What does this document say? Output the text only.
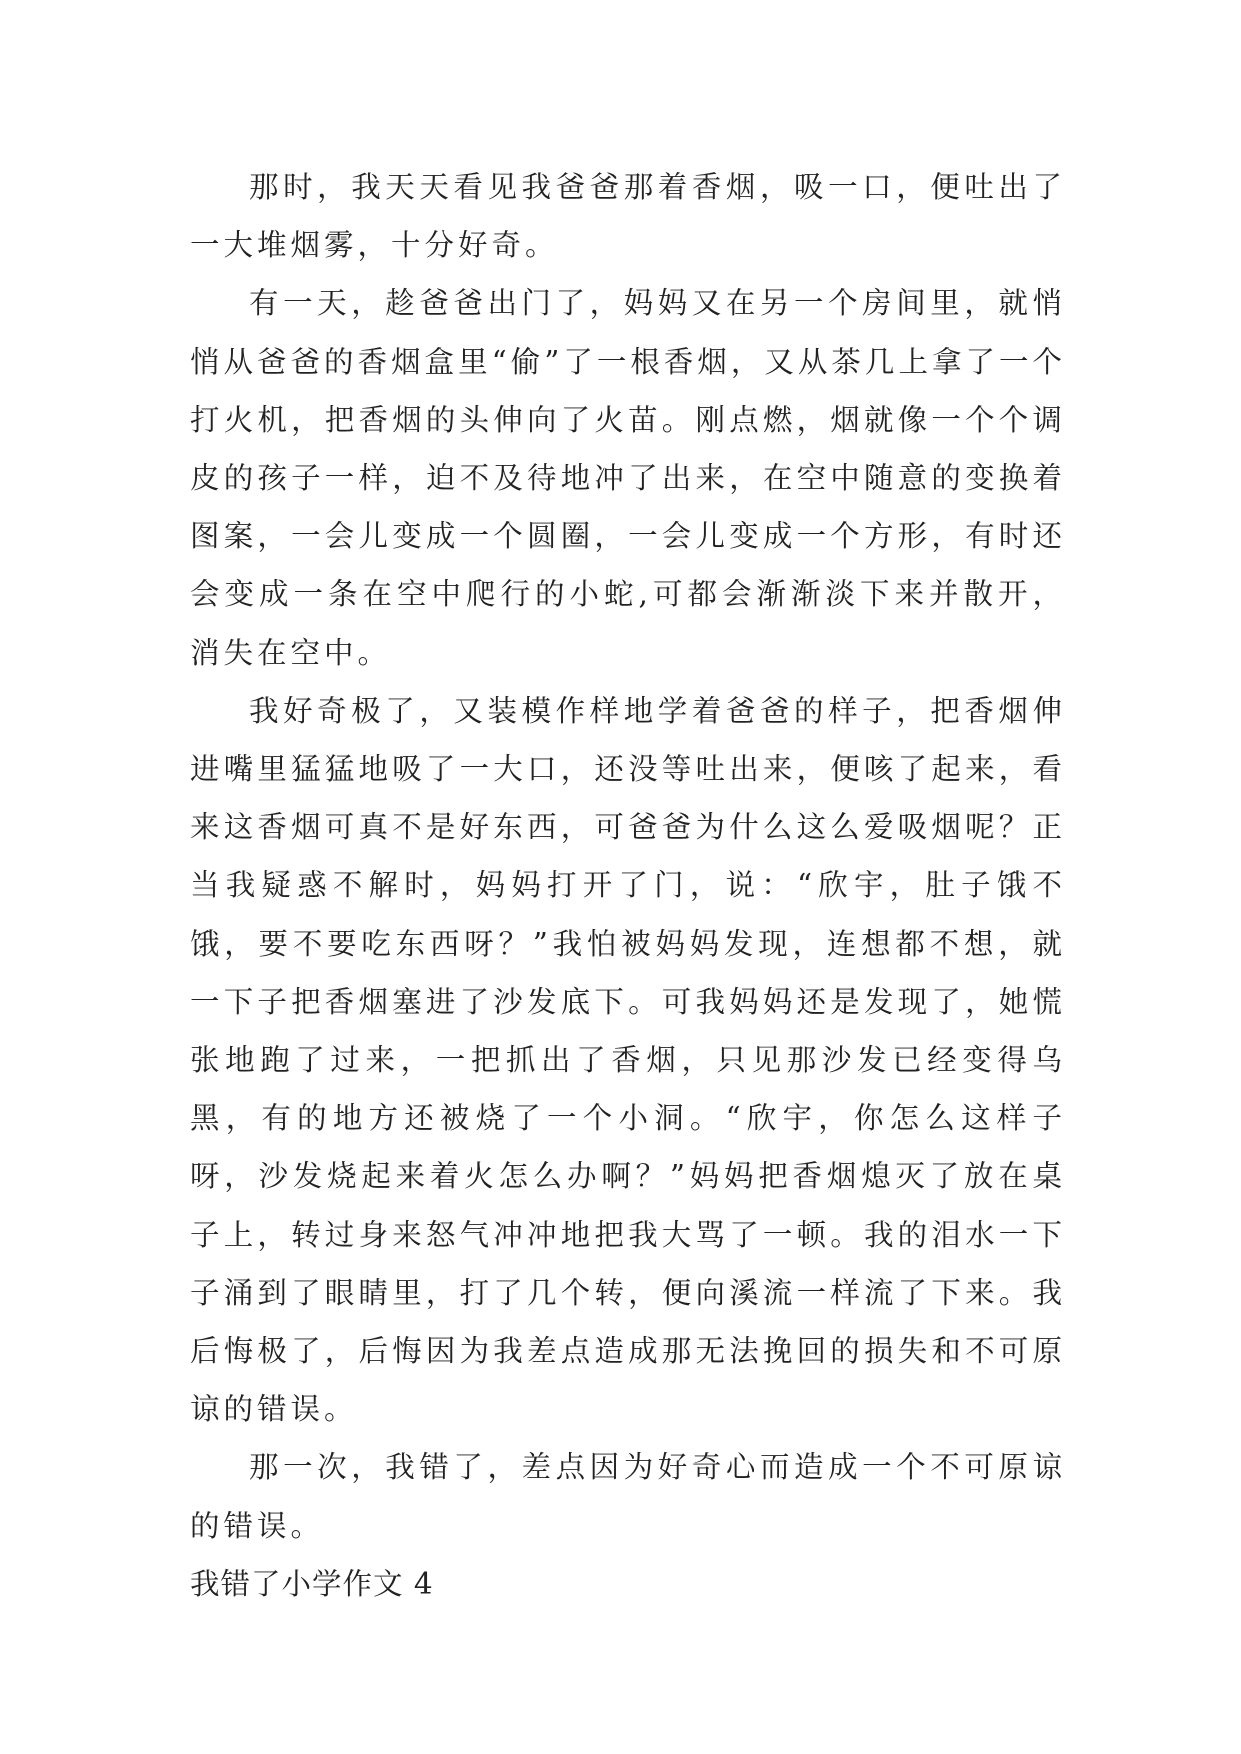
那时，我天天看见我爸爸那着香烟，吸一口，便吐出了一大堆烟雾，十分好奇。

有一天，趁爸爸出门了，妈妈又在另一个房间里，就悄悄从爸爸的香烟盒里“偷”了一根香烟，又从茶几上拿了一个打火机，把香烟的头伸向了火苗。刚点燃，烟就像一个个调皮的孩子一样，迫不及待地冲了出来，在空中随意的变换着图案，一会儿变成一个圆圈，一会儿变成一个方形，有时还会变成一条在空中爬行的小蛇,可都会渐渐淡下来并散开，消失在空中。

我好奇极了，又装模作样地学着爸爸的样子，把香烟伸进嘴里猛猛地吸了一大口，还没等吐出来，便咳了起来，看来这香烟可真不是好东西，可爸爸为什么这么爱吸烟呢？正当我疑惑不解时，妈妈打开了门，说：“欣宇，肚子饿不饿，要不要吃东西呀？”我怕被妈妈发现，连想都不想，就一下子把香烟塞进了沙发底下。可我妈妈还是发现了，她慌张地跑了过来，一把抓出了香烟，只见那沙发已经变得乌黑，有的地方还被烧了一个小洞。“欣宇，你怎么这样子呀，沙发烧起来着火怎么办啊？”妈妈把香烟熄灭了放在桌子上，转过身来怒气冲冲地把我大骂了一顿。我的泪水一下子涌到了眼睛里，打了几个转，便向溪流一样流了下来。我后悔极了，后悔因为我差点造成那无法挽回的损失和不可原谅的错误。

那一次，我错了，差点因为好奇心而造成一个不可原谅的错误。

我错了小学作文 4
